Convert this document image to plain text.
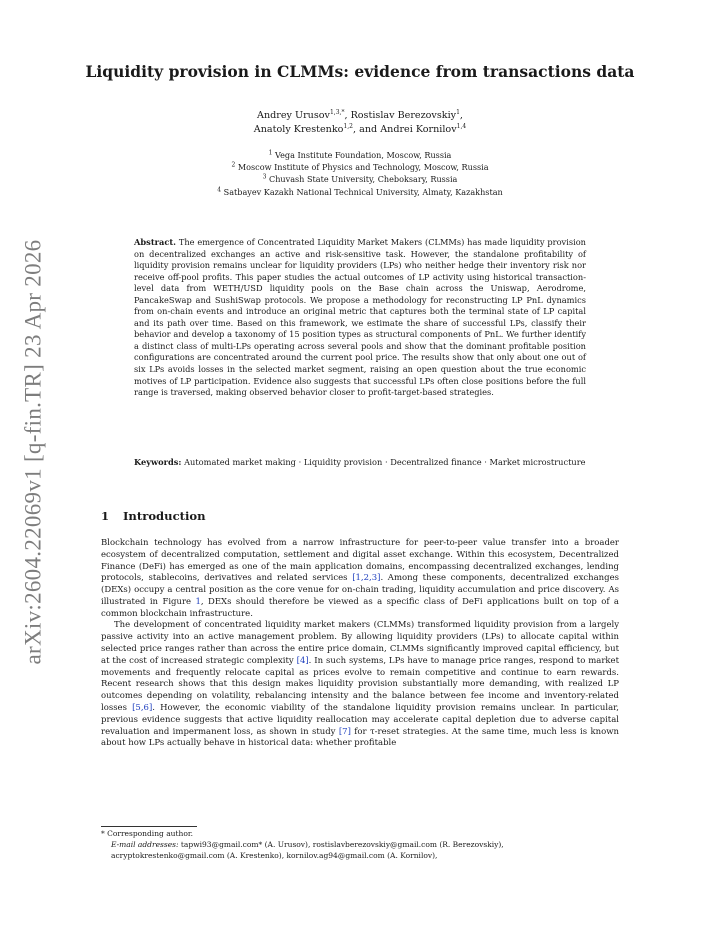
arXiv:2604.22069v1 [q-fin.TR] 23 Apr 2026
Liquidity provision in CLMMs: evidence from transactions data
Andrey Urusov$^{1,3,*}$, Rostislav Berezovskiy$^1$,
Anatoly Krestenko$^{1,2}$, and Andrei Kornilov$^{1,4}$
$^1$ Vega Institute Foundation, Moscow, Russia
$^2$ Moscow Institute of Physics and Technology, Moscow, Russia
$^3$ Chuvash State University, Cheboksary, Russia
$^4$ Satbayev Kazakh National Technical University, Almaty, Kazakhstan

Abstract. The emergence of Concentrated Liquidity Market Makers (CLMMs) has made liquidity provision on decentralized exchanges an active and risk-sensitive task. However, the standalone profitability of liquidity provision remains unclear for liquidity providers (LPs) who neither hedge their inventory risk nor receive off-pool profits. This paper studies the actual outcomes of LP activity using historical transaction-level data from WETH/USD liquidity pools on the Base chain across the Uniswap, Aerodrome, PancakeSwap and SushiSwap protocols. We propose a methodology for reconstructing LP PnL dynamics from on-chain events and introduce an original metric that captures both the terminal state of LP capital and its path over time. Based on this framework, we estimate the share of successful LPs, classify their behavior and develop a taxonomy of 15 position types as structural components of PnL. We further identify a distinct class of multi-LPs operating across several pools and show that the dominant profitable position configurations are concentrated around the current pool price. The results show that only about one out of six LPs avoids losses in the selected market segment, raising an open question about the true economic motives of LP participation. Evidence also suggests that successful LPs often close positions before the full range is traversed, making observed behavior closer to profit-target-based strategies.

Keywords: Automated market making · Liquidity provision · Decentralized finance · Market microstructure

1 Introduction

Blockchain technology has evolved from a narrow infrastructure for peer-to-peer value transfer into a broader ecosystem of decentralized computation, settlement and digital asset exchange. Within this ecosystem, Decentralized Finance (DeFi) has emerged as one of the main application domains, encompassing decentralized exchanges, lending protocols, stablecoins, derivatives and related services [1,2,3]. Among these components, decentralized exchanges (DEXs) occupy a central position as the core venue for on-chain trading, liquidity accumulation and price discovery. As illustrated in Figure 1, DEXs should therefore be viewed as a specific class of DeFi applications built on top of a common blockchain infrastructure.

The development of concentrated liquidity market makers (CLMMs) transformed liquidity provision from a largely passive activity into an active management problem. By allowing liquidity providers (LPs) to allocate capital within selected price ranges rather than across the entire price domain, CLMMs significantly improved capital efficiency, but at the cost of increased strategic complexity [4]. In such systems, LPs have to manage price ranges, respond to market movements and frequently relocate capital as prices evolve to remain competitive and continue to earn rewards. Recent research shows that this design makes liquidity provision substantially more demanding, with realized LP outcomes depending on volatility, rebalancing intensity and the balance between fee income and inventory-related losses [5,6]. However, the economic viability of the standalone liquidity provision remains unclear. In particular, previous evidence suggests that active liquidity reallocation may accelerate capital depletion due to adverse capital revaluation and impermanent loss, as shown in study [7] for τ-reset strategies. At the same time, much less is known about how LPs actually behave in historical data: whether profitable

* Corresponding author.

E-mail addresses: tapwi93@gmail.com* (A. Urusov), rostislavberezovskiy@gmail.com (R. Berezovskiy), acryptokrestenko@gmail.com (A. Krestenko), kornilov.ag94@gmail.com (A. Kornilov),
